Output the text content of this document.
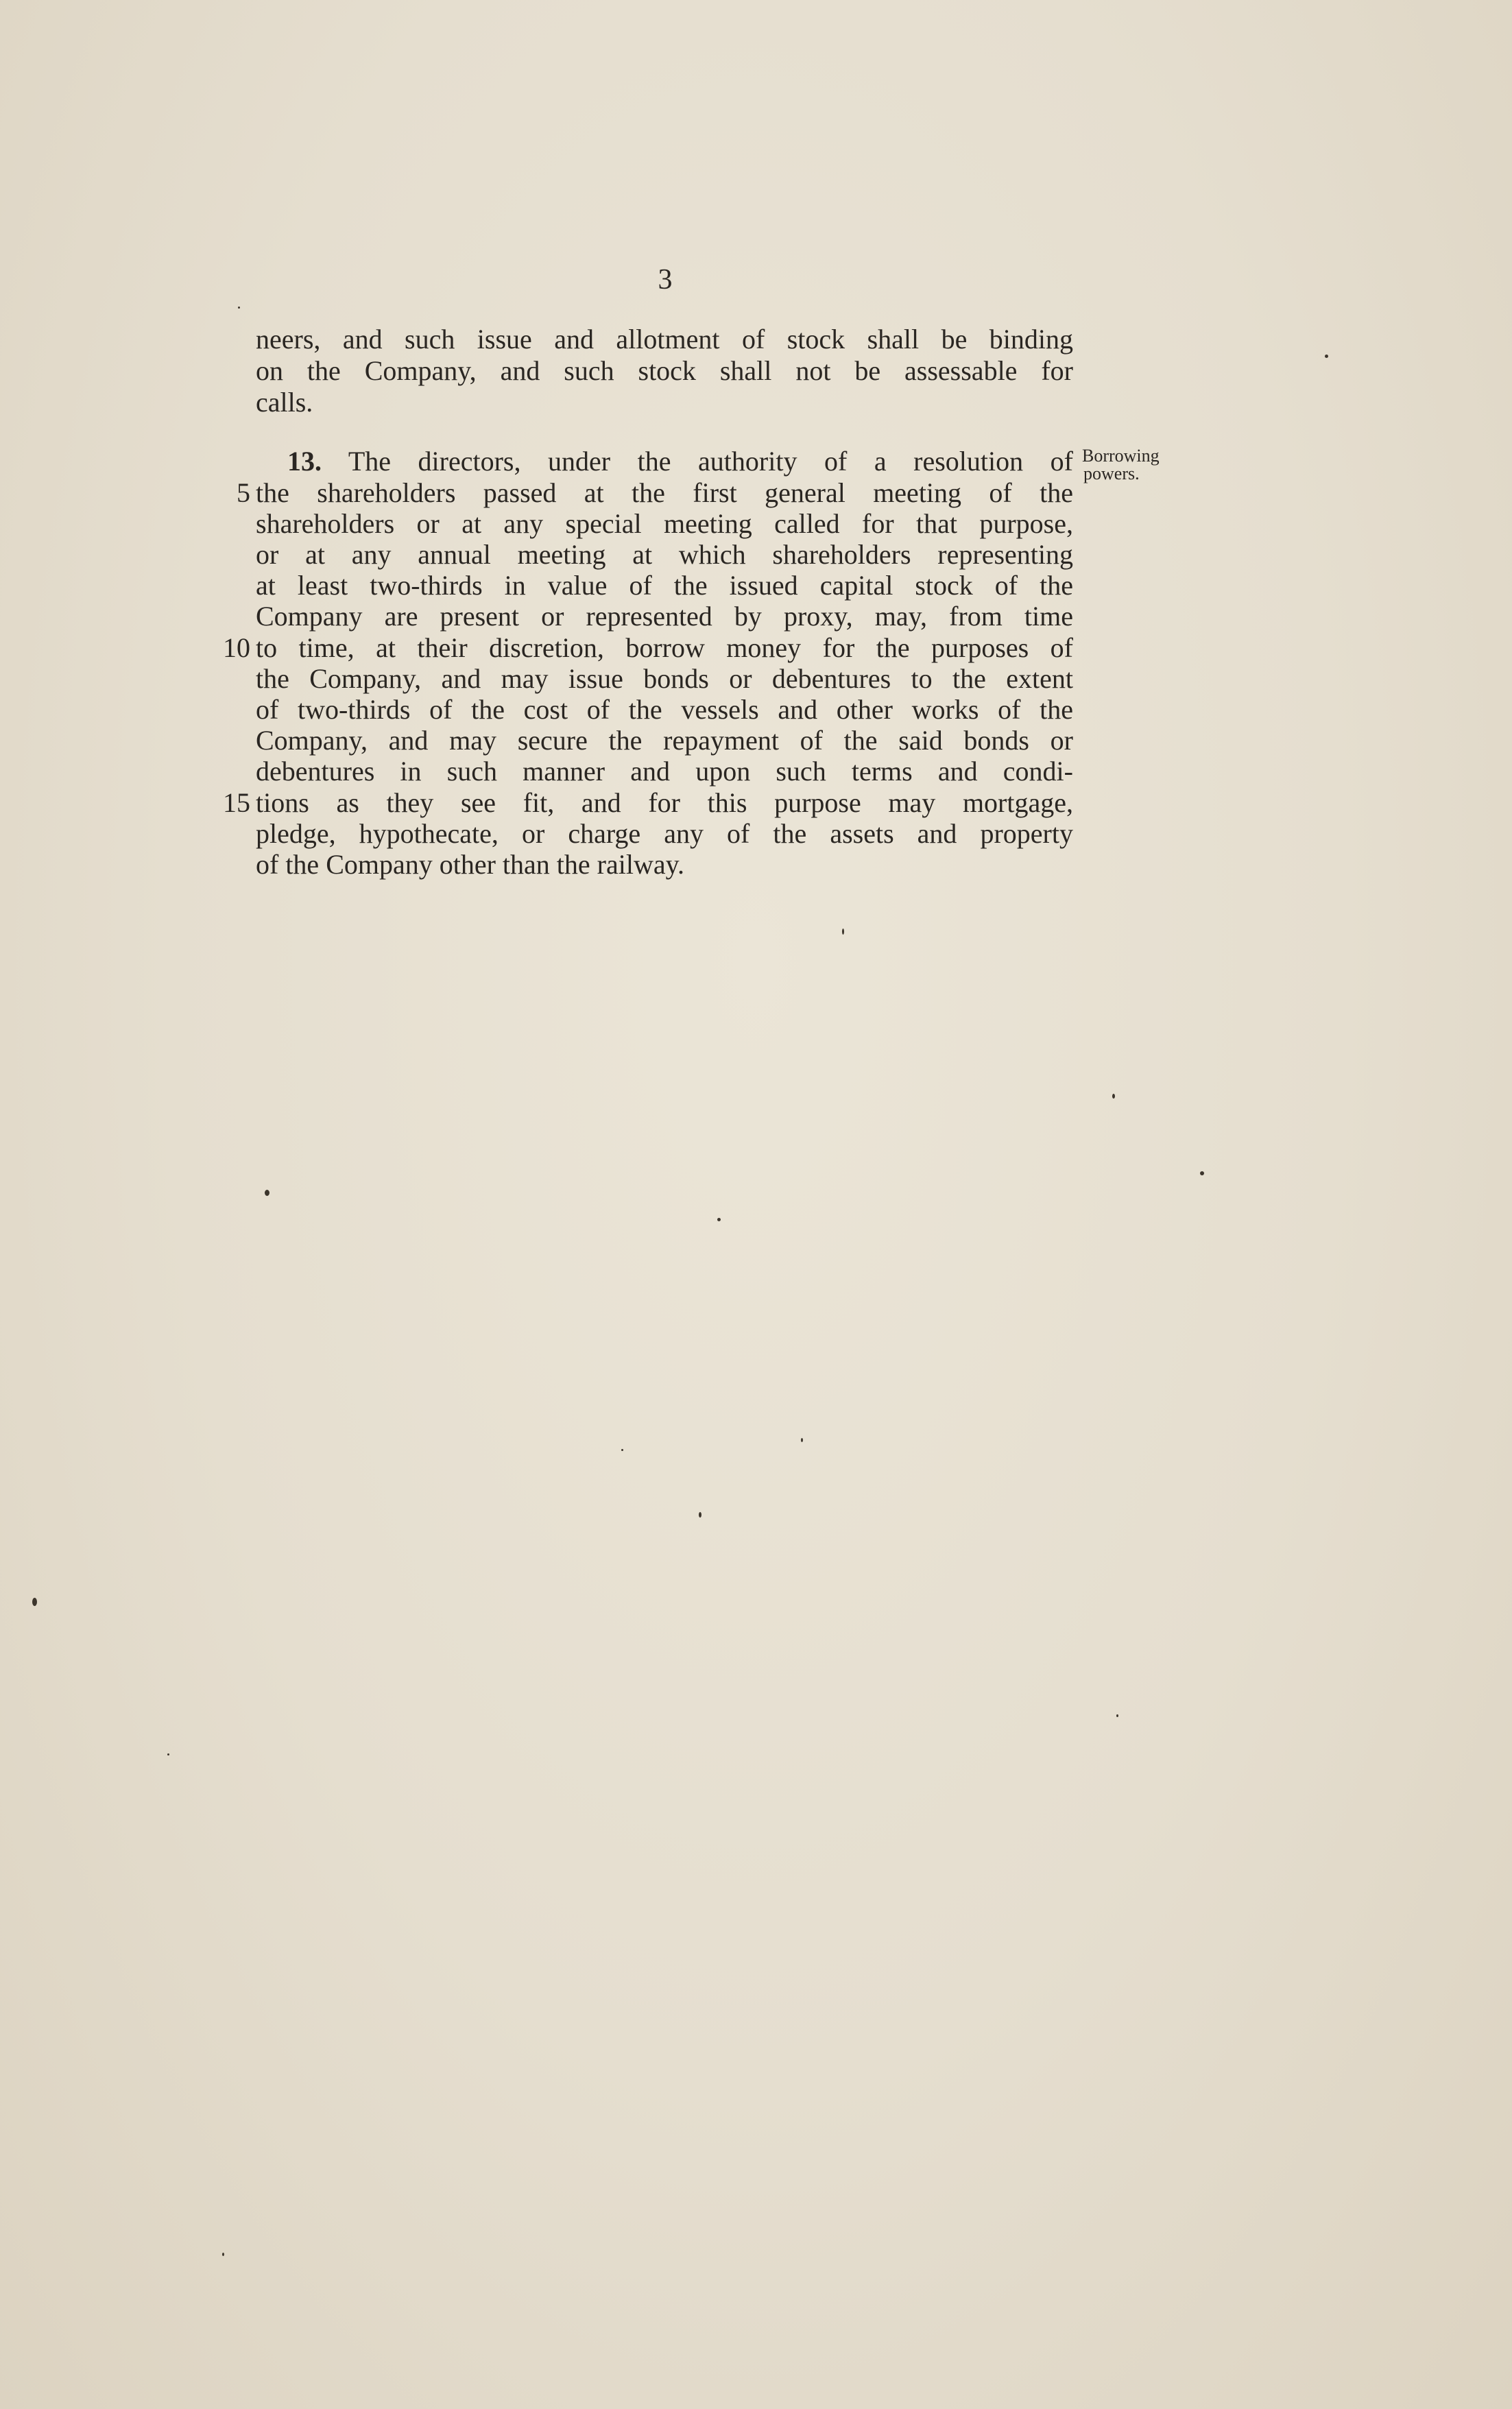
3
neers, and such issue and allotment of stock shall be binding
on the Company, and such stock shall not be assessable for
calls.
13. The directors, under the authority of a resolution of
the shareholders passed at the first general meeting of the
shareholders or at any special meeting called for that purpose,
or at any annual meeting at which shareholders representing
at least two-thirds in value of the issued capital stock of the
Company are present or represented by proxy, may, from time
to time, at their discretion, borrow money for the purposes of
the Company, and may issue bonds or debentures to the extent
of two-thirds of the cost of the vessels and other works of the
Company, and may secure the repayment of the said bonds or
debentures in such manner and upon such terms and condi-
tions as they see fit, and for this purpose may mortgage,
pledge, hypothecate, or charge any of the assets and property
of the Company other than the railway.
5
10
15
Borrowing
powers.
